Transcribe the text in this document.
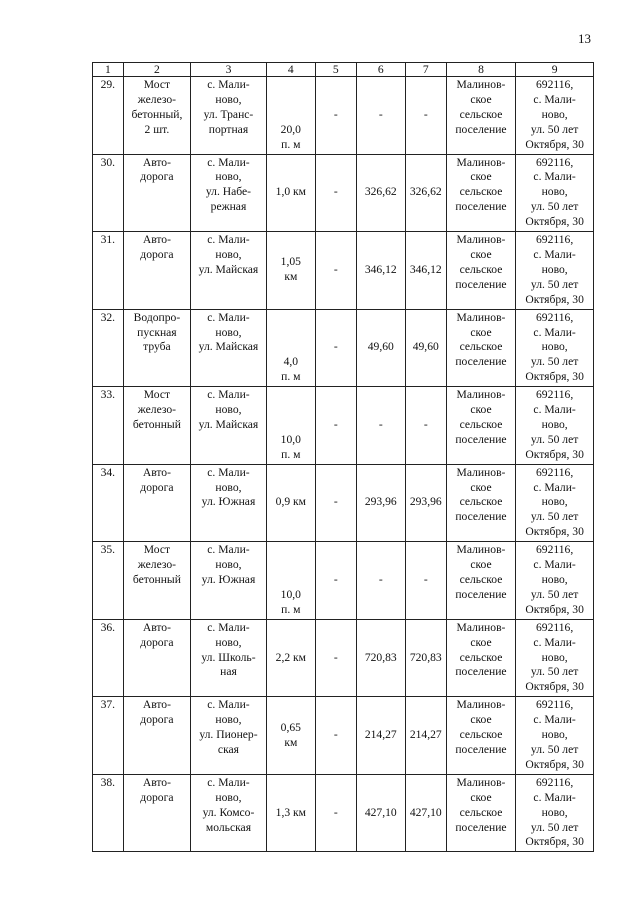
13
1	2	3	4	5	6	7	8	9
29.	Мост
железо-
бетонный,
2 шт.	с. Мали-
ново,
ул. Транс-
портная	20,0
п. м	-	-	-	Малинов-
ское
сельское
поселение	692116,
с. Мали-
ново,
ул. 50 лет
Октября, 30
30.	Авто-
дорога	с. Мали-
ново,
ул. Набе-
режная	1,0 км	-	326,62	326,62	Малинов-
ское
сельское
поселение	692116,
с. Мали-
ново,
ул. 50 лет
Октября, 30
31.	Авто-
дорога	с. Мали-
ново,
ул. Майская	1,05
км	-	346,12	346,12	Малинов-
ское
сельское
поселение	692116,
с. Мали-
ново,
ул. 50 лет
Октября, 30
32.	Водопро-
пускная
труба	с. Мали-
ново,
ул. Майская	4,0
п. м	-	49,60	49,60	Малинов-
ское
сельское
поселение	692116,
с. Мали-
ново,
ул. 50 лет
Октября, 30
33.	Мост
железо-
бетонный	с. Мали-
ново,
ул. Майская	10,0
п. м	-	-	-	Малинов-
ское
сельское
поселение	692116,
с. Мали-
ново,
ул. 50 лет
Октября, 30
34.	Авто-
дорога	с. Мали-
ново,
ул. Южная	0,9 км	-	293,96	293,96	Малинов-
ское
сельское
поселение	692116,
с. Мали-
ново,
ул. 50 лет
Октября, 30
35.	Мост
железо-
бетонный	с. Мали-
ново,
ул. Южная	10,0
п. м	-	-	-	Малинов-
ское
сельское
поселение	692116,
с. Мали-
ново,
ул. 50 лет
Октября, 30
36.	Авто-
дорога	с. Мали-
ново,
ул. Школь-
ная	2,2 км	-	720,83	720,83	Малинов-
ское
сельское
поселение	692116,
с. Мали-
ново,
ул. 50 лет
Октября, 30
37.	Авто-
дорога	с. Мали-
ново,
ул. Пионер-
ская	0,65
км	-	214,27	214,27	Малинов-
ское
сельское
поселение	692116,
с. Мали-
ново,
ул. 50 лет
Октября, 30
38.	Авто-
дорога	с. Мали-
ново,
ул. Комсо-
мольская	1,3 км	-	427,10	427,10	Малинов-
ское
сельское
поселение	692116,
с. Мали-
ново,
ул. 50 лет
Октября, 30
